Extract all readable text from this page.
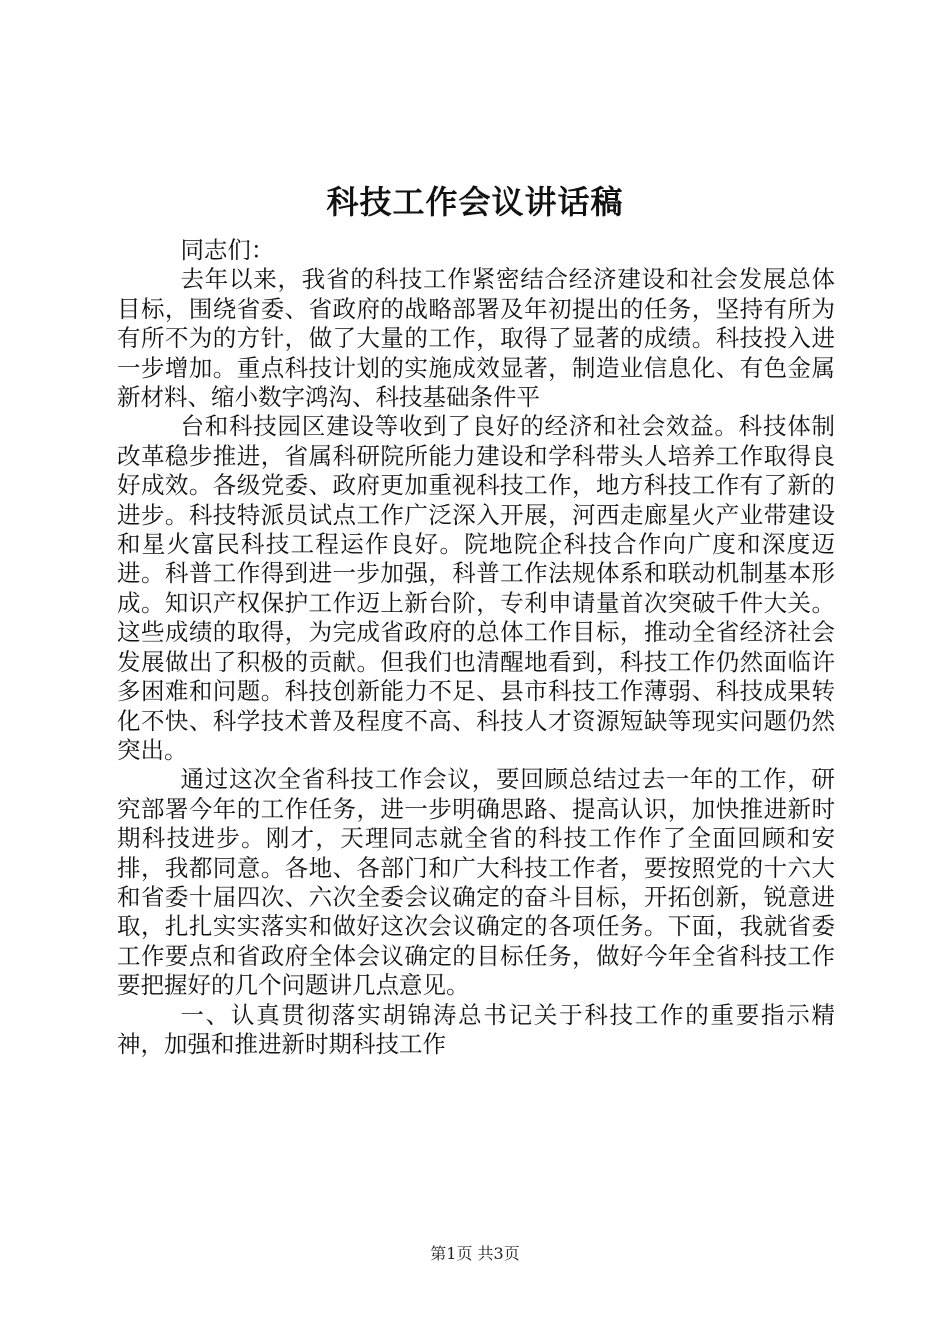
科技工作会议讲话稿

同志们：

去年以来，我省的科技工作紧密结合经济建设和社会发展总体目标，围绕省委、省政府的战略部署及年初提出的任务，坚持有所为有所不为的方针，做了大量的工作，取得了显著的成绩。科技投入进一步增加。重点科技计划的实施成效显著，制造业信息化、有色金属新材料、缩小数字鸿沟、科技基础条件平

台和科技园区建设等收到了良好的经济和社会效益。科技体制改革稳步推进，省属科研院所能力建设和学科带头人培养工作取得良好成效。各级党委、政府更加重视科技工作，地方科技工作有了新的进步。科技特派员试点工作广泛深入开展，河西走廊星火产业带建设和星火富民科技工程运作良好。院地院企科技合作向广度和深度迈进。科普工作得到进一步加强，科普工作法规体系和联动机制基本形成。知识产权保护工作迈上新台阶，专利申请量首次突破千件大关。这些成绩的取得，为完成省政府的总体工作目标，推动全省经济社会发展做出了积极的贡献。但我们也清醒地看到，科技工作仍然面临许多困难和问题。科技创新能力不足、县市科技工作薄弱、科技成果转化不快、科学技术普及程度不高、科技人才资源短缺等现实问题仍然突出。

通过这次全省科技工作会议，要回顾总结过去一年的工作，研究部署今年的工作任务，进一步明确思路、提高认识，加快推进新时期科技进步。刚才，天理同志就全省的科技工作作了全面回顾和安排，我都同意。各地、各部门和广大科技工作者，要按照党的十六大和省委十届四次、六次全委会议确定的奋斗目标，开拓创新，锐意进取，扎扎实实落实和做好这次会议确定的各项任务。下面，我就省委工作要点和省政府全体会议确定的目标任务，做好今年全省科技工作要把握好的几个问题讲几点意见。

一、认真贯彻落实胡锦涛总书记关于科技工作的重要指示精神，加强和推进新时期科技工作

第1页 共3页
